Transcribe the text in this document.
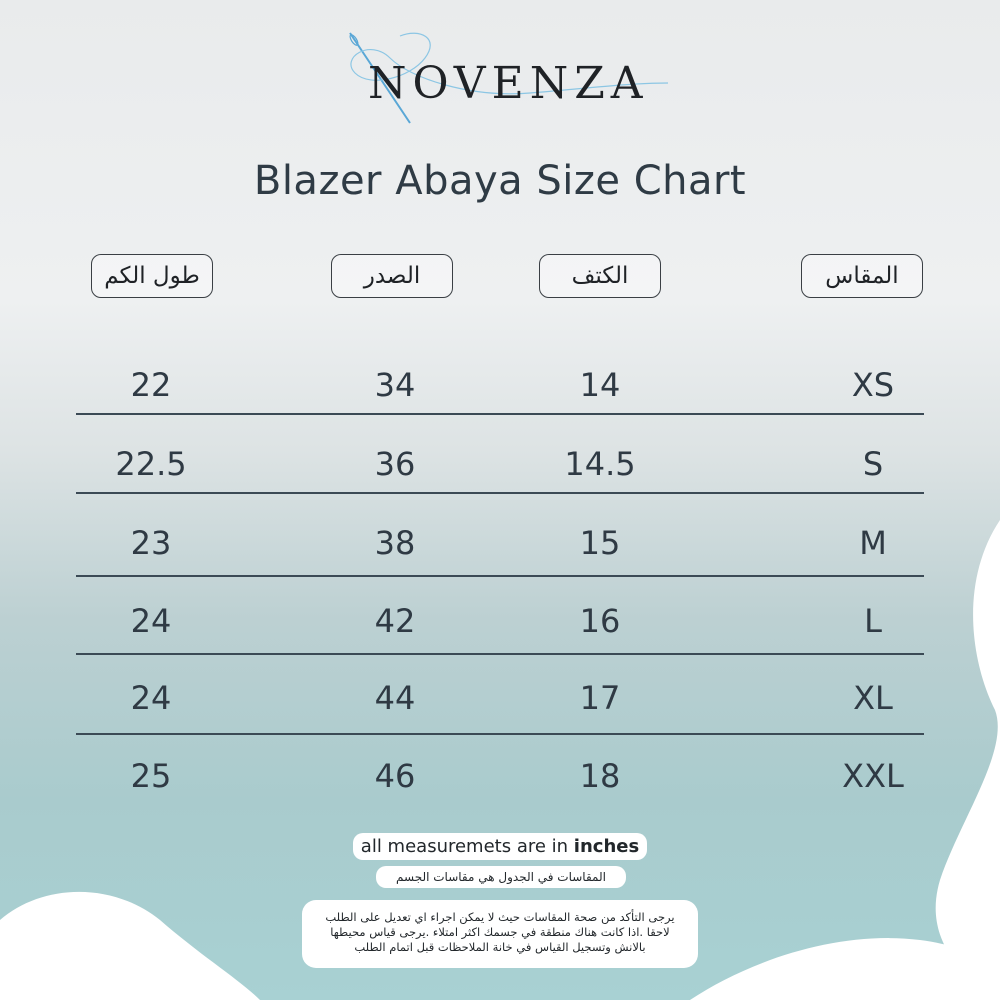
NOVENZA
Blazer Abaya Size Chart
طول الكم	الصدر	الكتف	المقاس
22	34	14	XS
22.5	36	14.5	S
23	38	15	M
24	42	16	L
24	44	17	XL
25	46	18	XXL
all measuremets are in inches
المقاسات في الجدول هي مقاسات الجسم
يرجى التأكد من صحة المقاسات حيث لا يمكن اجراء اي تعديل على الطلب لاحقا .اذا كانت هناك منطقة في جسمك اكثر امتلاء .يرجى قياس محيطها بالانش وتسجيل القياس في خانة الملاحظات قبل اتمام الطلب
